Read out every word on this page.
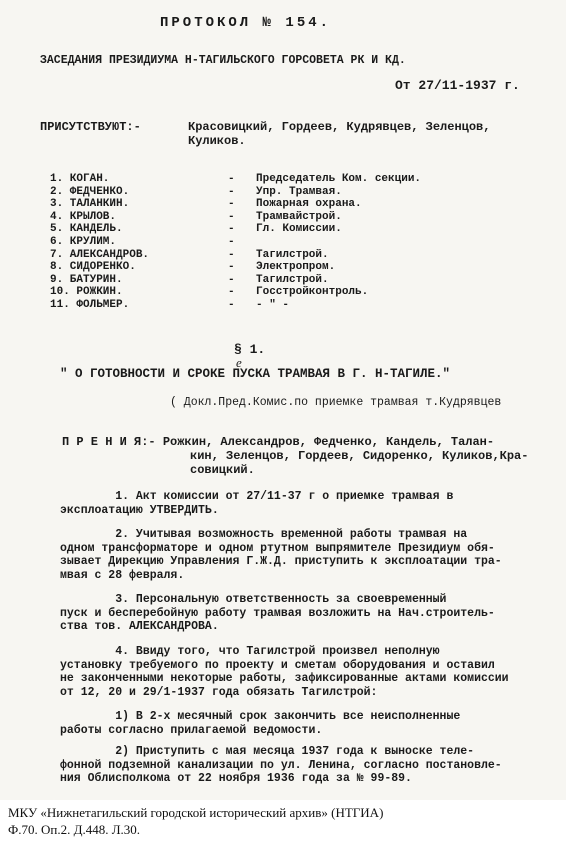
ПРОТОКОЛ № 154.
ЗАСЕДАНИЯ ПРЕЗИДИУМА Н-ТАГИЛЬСКОГО ГОРСОВЕТА РК И КД.
От 27/11-1937 г.
ПРИСУТСТВУЮТ:-	Красовицкий, Гордеев, Кудрявцев, Зеленцов,
Куликов.
1. КОГАН.	- Председатель Ком. секции.
2. ФЕДЧЕНКО.	- Упр. Трамвая.
3. ТАЛАНКИН.	- Пожарная охрана.
4. КРЫЛОВ.	- Трамвайстрой.
5. КАНДЕЛЬ.	- Гл. Комиссии.
6. КРУЛИМ.	-
7. АЛЕКСАНДРОВ.	- Тагилстрой.
8. СИДОРЕНКО.	- Электропром.
9. БАТУРИН.	- Тагилстрой.
10. РОЖКИН.	- Госстройконтроль.
11. ФОЛЬМЕР.	- - " -
§ 1.
е
" О ГОТОВНОСТИ И СРОКЕ ПУСКА ТРАМВАЯ В Г. Н-ТАГИЛЕ."
( Докл.Пред.Комис.по приемке трамвая т.Кудрявцев
П Р Е Н И Я:- Рожкин, Александров, Федченко, Кандель, Талан-
кин, Зеленцов, Гордеев, Сидоренко, Куликов,Кра-
совицкий.
1. Акт комиссии от 27/11-37 г о приемке трамвая в
эксплоатацию УТВЕРДИТЬ.
2. Учитывая возможность временной работы трамвая на
одном трансформаторе и одном ртутном выпрямителе Президиум обя-
зывает Дирекцию Управления Г.Ж.Д. приступить к эксплоатации тра-
мвая с 28 февраля.
3. Персональную ответственность за своевременный
пуск и бесперебойную работу трамвая возложить на Нач.строитель-
ства тов. АЛЕКСАНДРОВА.
4. Ввиду того, что Тагилстрой произвел неполную
установку требуемого по проекту и сметам оборудования и оставил
не законченными некоторые работы, зафиксированные актами комиссии
от 12, 20 и 29/1-1937 года обязать Тагилстрой:
1) В 2-х месячный срок закончить все неисполненные
работы согласно прилагаемой ведомости.
2) Приступить с мая месяца 1937 года к выноске теле-
фонной подземной канализации по ул. Ленина, согласно постановле-
ния Облисполкома от 22 ноября 1936 года за № 99-89.
МКУ «Нижнетагильский городской исторический архив» (НТГИА)
Ф.70. Оп.2. Д.448. Л.30.
